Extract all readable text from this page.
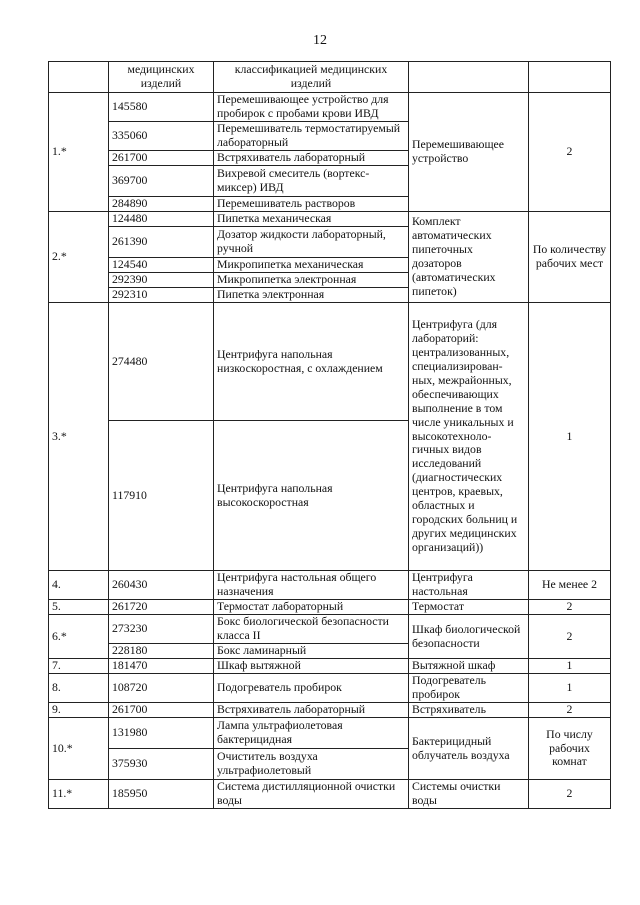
12
	медицинских изделий	классификацией медицинских изделий		
1.*	145580	Перемешивающее устройство для пробирок с пробами крови ИВД	Перемешивающее устройство	2
	335060	Перемешиватель термостатируемый лабораторный		
	261700	Встряхиватель лабораторный		
	369700	Вихревой смеситель (вортекс-миксер) ИВД		
	284890	Перемешиватель растворов		
2.*	124480	Пипетка механическая	Комплект автоматических пипеточных дозаторов (автоматических пипеток)	По количеству рабочих мест
	261390	Дозатор жидкости лабораторный, ручной		
	124540	Микропипетка механическая		
	292390	Микропипетка электронная		
	292310	Пипетка электронная		
3.*	274480	Центрифуга напольная низкоскоростная, с охлаждением	Центрифуга (для лабораторий: централизованных, специализирован-ных, межрайонных, обеспечивающих выполнение в том числе уникальных и высокотехноло-гичных видов исследований (диагностических центров, краевых, областных и городских больниц и других медицинских организаций))	1
	117910	Центрифуга напольная высокоскоростная		
4.	260430	Центрифуга настольная общего назначения	Центрифуга настольная	Не менее 2
5.	261720	Термостат лабораторный	Термостат	2
6.*	273230	Бокс биологической безопасности класса II	Шкаф биологической безопасности	2
	228180	Бокс ламинарный		
7.	181470	Шкаф вытяжной	Вытяжной шкаф	1
8.	108720	Подогреватель пробирок	Подогреватель пробирок	1
9.	261700	Встряхиватель лабораторный	Встряхиватель	2
10.*	131980	Лампа ультрафиолетовая бактерицидная	Бактерицидный облучатель воздуха	По числу рабочих комнат
	375930	Очиститель воздуха ультрафиолетовый		
11.*	185950	Система дистилляционной очистки воды	Системы очистки воды	2
